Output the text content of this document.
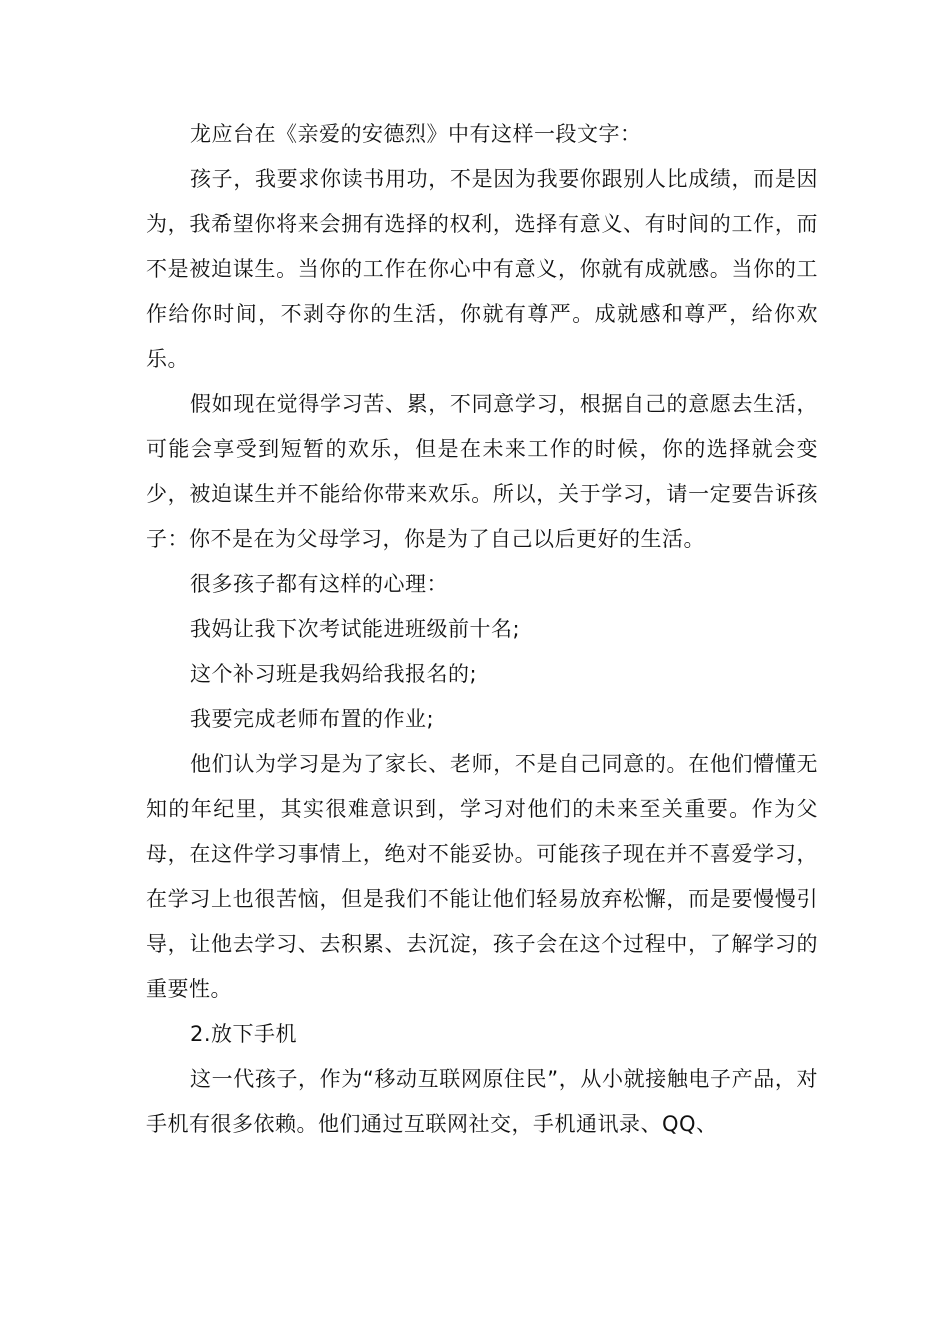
龙应台在《亲爱的安德烈》中有这样一段文字：

孩子，我要求你读书用功，不是因为我要你跟别人比成绩，而是因为，我希望你将来会拥有选择的权利，选择有意义、有时间的工作，而不是被迫谋生。当你的工作在你心中有意义，你就有成就感。当你的工作给你时间，不剥夺你的生活，你就有尊严。成就感和尊严，给你欢乐。

假如现在觉得学习苦、累，不同意学习，根据自己的意愿去生活，可能会享受到短暂的欢乐，但是在未来工作的时候，你的选择就会变少，被迫谋生并不能给你带来欢乐。所以，关于学习，请一定要告诉孩子：你不是在为父母学习，你是为了自己以后更好的生活。

很多孩子都有这样的心理：

我妈让我下次考试能进班级前十名;

这个补习班是我妈给我报名的;

我要完成老师布置的作业;

他们认为学习是为了家长、老师，不是自己同意的。在他们懵懂无知的年纪里，其实很难意识到，学习对他们的未来至关重要。作为父母，在这件学习事情上，绝对不能妥协。可能孩子现在并不喜爱学习，在学习上也很苦恼，但是我们不能让他们轻易放弃松懈，而是要慢慢引导，让他去学习、去积累、去沉淀，孩子会在这个过程中，了解学习的重要性。

2.放下手机

这一代孩子，作为“移动互联网原住民”，从小就接触电子产品，对手机有很多依赖。他们通过互联网社交，手机通讯录、QQ、
